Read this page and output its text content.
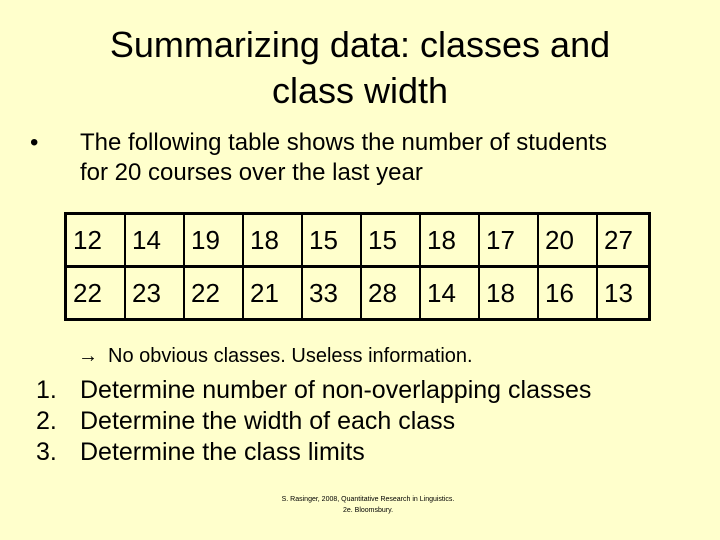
Summarizing data: classes and
class width
• The following table shows the number of students for 20 courses over the last year
12	14	19	18	15	15	18	17	20	27
22	23	22	21	33	28	14	18	16	13
→ No obvious classes. Useless information.
1. Determine number of non-overlapping classes
2. Determine the width of each class
3. Determine the class limits
S. Rasinger, 2008, Quantitative Research in Linguistics.
2e. Bloomsbury.
